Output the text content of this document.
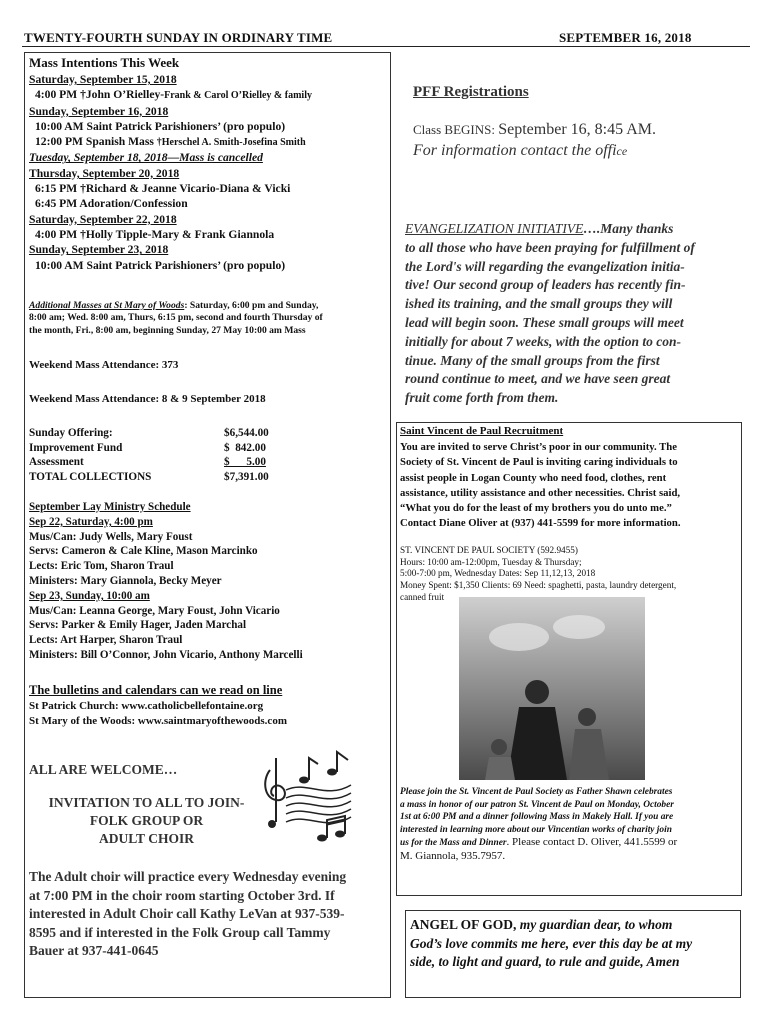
TWENTY-FOURTH SUNDAY IN ORDINARY TIME	SEPTEMBER 16, 2018
Mass Intentions This Week
Saturday, September 15, 2018
4:00 PM †John O’Rielley-Frank & Carol O’Rielley & family
Sunday, September 16, 2018
10:00 AM Saint Patrick Parishioners’ (pro populo)
12:00 PM Spanish Mass †Herschel A. Smith-Josefina Smith
Tuesday, September 18, 2018—Mass is cancelled
Thursday, September 20, 2018
6:15 PM †Richard & Jeanne Vicario-Diana & Vicki
6:45 PM Adoration/Confession
Saturday, September 22, 2018
4:00 PM †Holly Tipple-Mary & Frank Giannola
Sunday, September 23, 2018
10:00 AM Saint Patrick Parishioners’ (pro populo)
Additional Masses at St Mary of Woods: Saturday, 6:00 pm and Sunday,
8:00 am; Wed. 8:00 am, Thurs, 6:15 pm, second and fourth Thursday of
the month, Fri., 8:00 am, beginning Sunday, 27 May 10:00 am Mass
Weekend Mass Attendance: 373
Weekend Mass Attendance: 8 & 9 September 2018
Sunday Offering:	$6,544.00
Improvement Fund	$  842.00
Assessment	$      5.00
TOTAL COLLECTIONS	$7,391.00
September Lay Ministry Schedule
Sep 22, Saturday, 4:00 pm
Mus/Can: Judy Wells, Mary Foust
Servs: Cameron & Cale Kline, Mason Marcinko
Lects: Eric Tom, Sharon Traul
Ministers: Mary Giannola, Becky Meyer
Sep 23, Sunday, 10:00 am
Mus/Can: Leanna George, Mary Foust, John Vicario
Servs: Parker & Emily Hager, Jaden Marchal
Lects: Art Harper, Sharon Traul
Ministers: Bill O’Connor, John Vicario, Anthony Marcelli
The bulletins and calendars can we read on line
St Patrick Church: www.catholicbellefontaine.org
St Mary of the Woods: www.saintmaryofthewoods.com
ALL ARE WELCOME…
INVITATION TO ALL TO JOIN-
FOLK GROUP OR
ADULT CHOIR
The Adult choir will practice every Wednesday evening
at 7:00 PM in the choir room starting October 3rd. If
interested in Adult Choir call Kathy LeVan at 937-539-
8595 and if interested in the Folk Group call Tammy
Bauer at 937-441-0645
PFF Registrations
Class BEGINS: September 16, 8:45 AM.
For information contact the office
EVANGELIZATION INITIATIVE….Many thanks
to all those who have been praying for fulfillment of
the Lord's will regarding the evangelization initia-
tive! Our second group of leaders has recently fin-
ished its training, and the small groups they will
lead will begin soon. These small groups will meet
initially for about 7 weeks, with the option to con-
tinue. Many of the small groups from the first
round continue to meet, and we have seen great
fruit come forth from them.
Saint Vincent de Paul Recruitment
You are invited to serve Christ’s poor in our community. The
Society of St. Vincent de Paul is inviting caring individuals to
assist people in Logan County who need food, clothes, rent
assistance, utility assistance and other necessities. Christ said,
“What you do for the least of my brothers you do unto me.”
Contact Diane Oliver at (937) 441-5599 for more information.
ST. VINCENT DE PAUL SOCIETY (592.9455)
Hours: 10:00 am-12:00pm, Tuesday & Thursday;
5:00-7:00 pm, Wednesday Dates: Sep 11,12,13, 2018
Money Spent: $1,350 Clients: 69 Need: spaghetti, pasta, laundry detergent,
canned fruit
Please join the St. Vincent de Paul Society as Father Shawn celebrates
a mass in honor of our patron St. Vincent de Paul on Monday, October
1st at 6:00 PM and a dinner following Mass in Makely Hall. If you are
interested in learning more about our Vincentian works of charity join
us for the Mass and Dinner. Please contact D. Oliver, 441.5599 or
M. Giannola, 935.7957.
ANGEL OF GOD, my guardian dear, to whom
God’s love commits me here, ever this day be at my
side, to light and guard, to rule and guide, Amen
